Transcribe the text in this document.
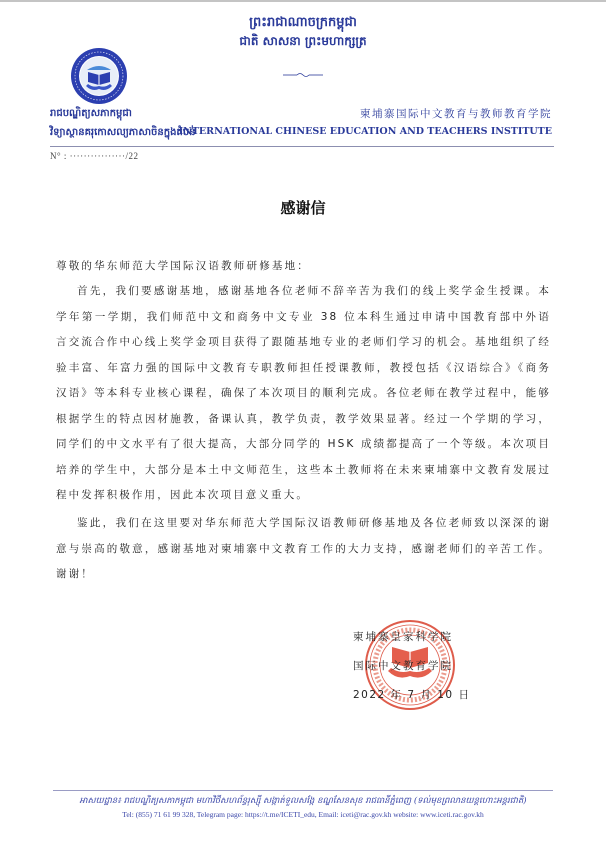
ព្រះរាជាណាចក្រកម្ពុជា
ជាតិ សាសនា ព្រះមហាក្សត្រ
រាជបណ្ឌិត្យសភាកម្ពុជា
វិទ្យាស្ថានគរុកោសល្យភាសាចិនក្នុងតំបន់
柬埔寨国际中文教育与教师教育学院
INTERNATIONAL CHINESE EDUCATION AND TEACHERS INSTITUTE
N° : ················/22
感谢信
尊敬的华东师范大学国际汉语教师研修基地：

首先，我们要感谢基地，感谢基地各位老师不辞辛苦为我们的线上奖学金生授课。本学年第一学期，我们师范中文和商务中文专业 38 位本科生通过申请中国教育部中外语言交流合作中心线上奖学金项目获得了跟随基地专业的老师们学习的机会。基地组织了经验丰富、年富力强的国际中文教育专职教师担任授课教师，教授包括《汉语综合》《商务汉语》等本科专业核心课程，确保了本次项目的顺利完成。各位老师在教学过程中，能够根据学生的特点因材施教，备课认真，教学负责，教学效果显著。经过一个学期的学习，同学们的中文水平有了很大提高，大部分同学的 HSK 成绩都提高了一个等级。本次项目培养的学生中，大部分是本土中文师范生，这些本土教师将在未来柬埔寨中文教育发展过程中发挥积极作用，因此本次项目意义重大。

鉴此，我们在这里要对华东师范大学国际汉语教师研修基地及各位老师致以深深的谢意与崇高的敬意，感谢基地对柬埔寨中文教育工作的大力支持，感谢老师们的辛苦工作。谢谢！

柬埔寨皇家科学院
国际中文教育学院
2022 年 7 月 10 日
អាសយដ្ឋាន៖ រាជបណ្ឌិត្យសភាកម្ពុជា មហាវិថីសហព័ន្ធរុស្ស៊ី សង្កាត់ទួលសង្កែ ខណ្ឌសែនសុខ រាជធានីភ្នំពេញ (ទល់មុខព្រលានយន្តហោះអន្តរជាតិ)
Tel: (855) 71 61 99 328, Telegram page: https://t.me/ICETI_edu, Email: iceti@rac.gov.kh website: www.iceti.rac.gov.kh
